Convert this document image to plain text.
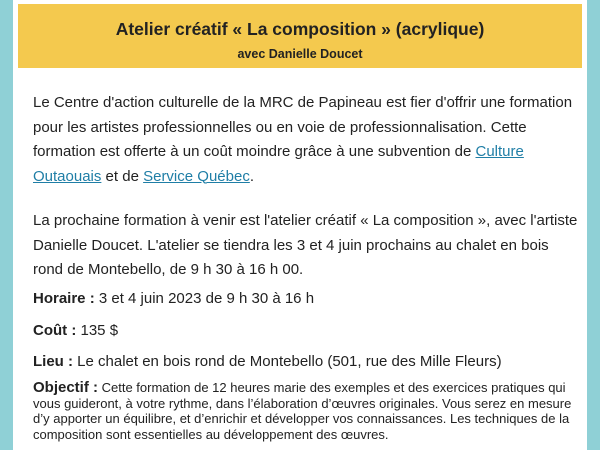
Atelier créatif « La composition » (acrylique)
avec Danielle Doucet
Le Centre d'action culturelle de la MRC de Papineau est fier d'offrir une formation pour les artistes professionnelles ou en voie de professionnalisation. Cette formation est offerte à un coût moindre grâce à une subvention de Culture Outaouais et de Service Québec.
La prochaine formation à venir est l'atelier créatif « La composition », avec l'artiste Danielle Doucet. L'atelier se tiendra les 3 et 4 juin prochains au chalet en bois rond de Montebello, de 9 h 30 à 16 h 00.
Horaire : 3 et 4 juin 2023 de 9 h 30 à 16 h
Coût : 135 $
Lieu : Le chalet en bois rond de Montebello (501, rue des Mille Fleurs)
Objectif : Cette formation de 12 heures marie des exemples et des exercices pratiques qui vous guideront, à votre rythme, dans l’élaboration d’œuvres originales. Vous serez en mesure d’y apporter un équilibre, et d’enrichir et développer vos connaissances. Les techniques de la composition sont essentielles au développement des œuvres.
